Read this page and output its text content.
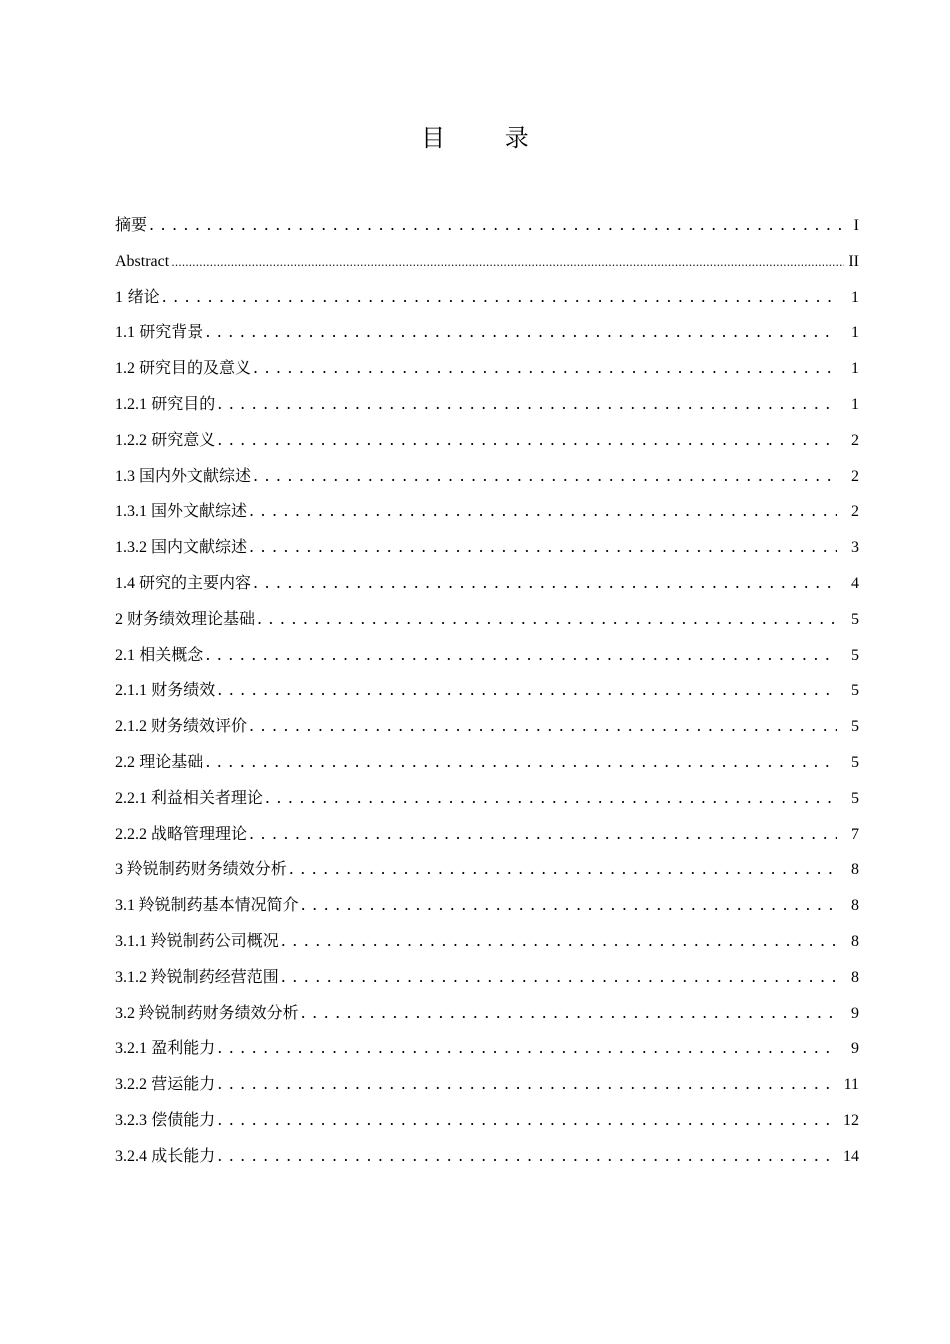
目 录
摘要 . . .	I
Abstract .....	II
1 绪论 . . .	1
1.1 研究背景 . . .	1
1.2 研究目的及意义 . . .	1
1.2.1 研究目的 . . .	1
1.2.2 研究意义 . . .	2
1.3 国内外文献综述 . . .	2
1.3.1 国外文献综述 . . .	2
1.3.2 国内文献综述 . . .	3
1.4 研究的主要内容 . . .	4
2 财务绩效理论基础 . . .	5
2.1 相关概念 . . .	5
2.1.1 财务绩效 . . .	5
2.1.2 财务绩效评价 . . .	5
2.2 理论基础 . . .	5
2.2.1 利益相关者理论 . . .	5
2.2.2 战略管理理论 . . .	7
3 羚锐制药财务绩效分析 . . .	8
3.1 羚锐制药基本情况简介 . . .	8
3.1.1 羚锐制药公司概况 . . .	8
3.1.2 羚锐制药经营范围 . . .	8
3.2 羚锐制药财务绩效分析 . . .	9
3.2.1 盈利能力 . . .	9
3.2.2 营运能力 . . .	11
3.2.3 偿债能力 . . .	12
3.2.4 成长能力 . . .	14
